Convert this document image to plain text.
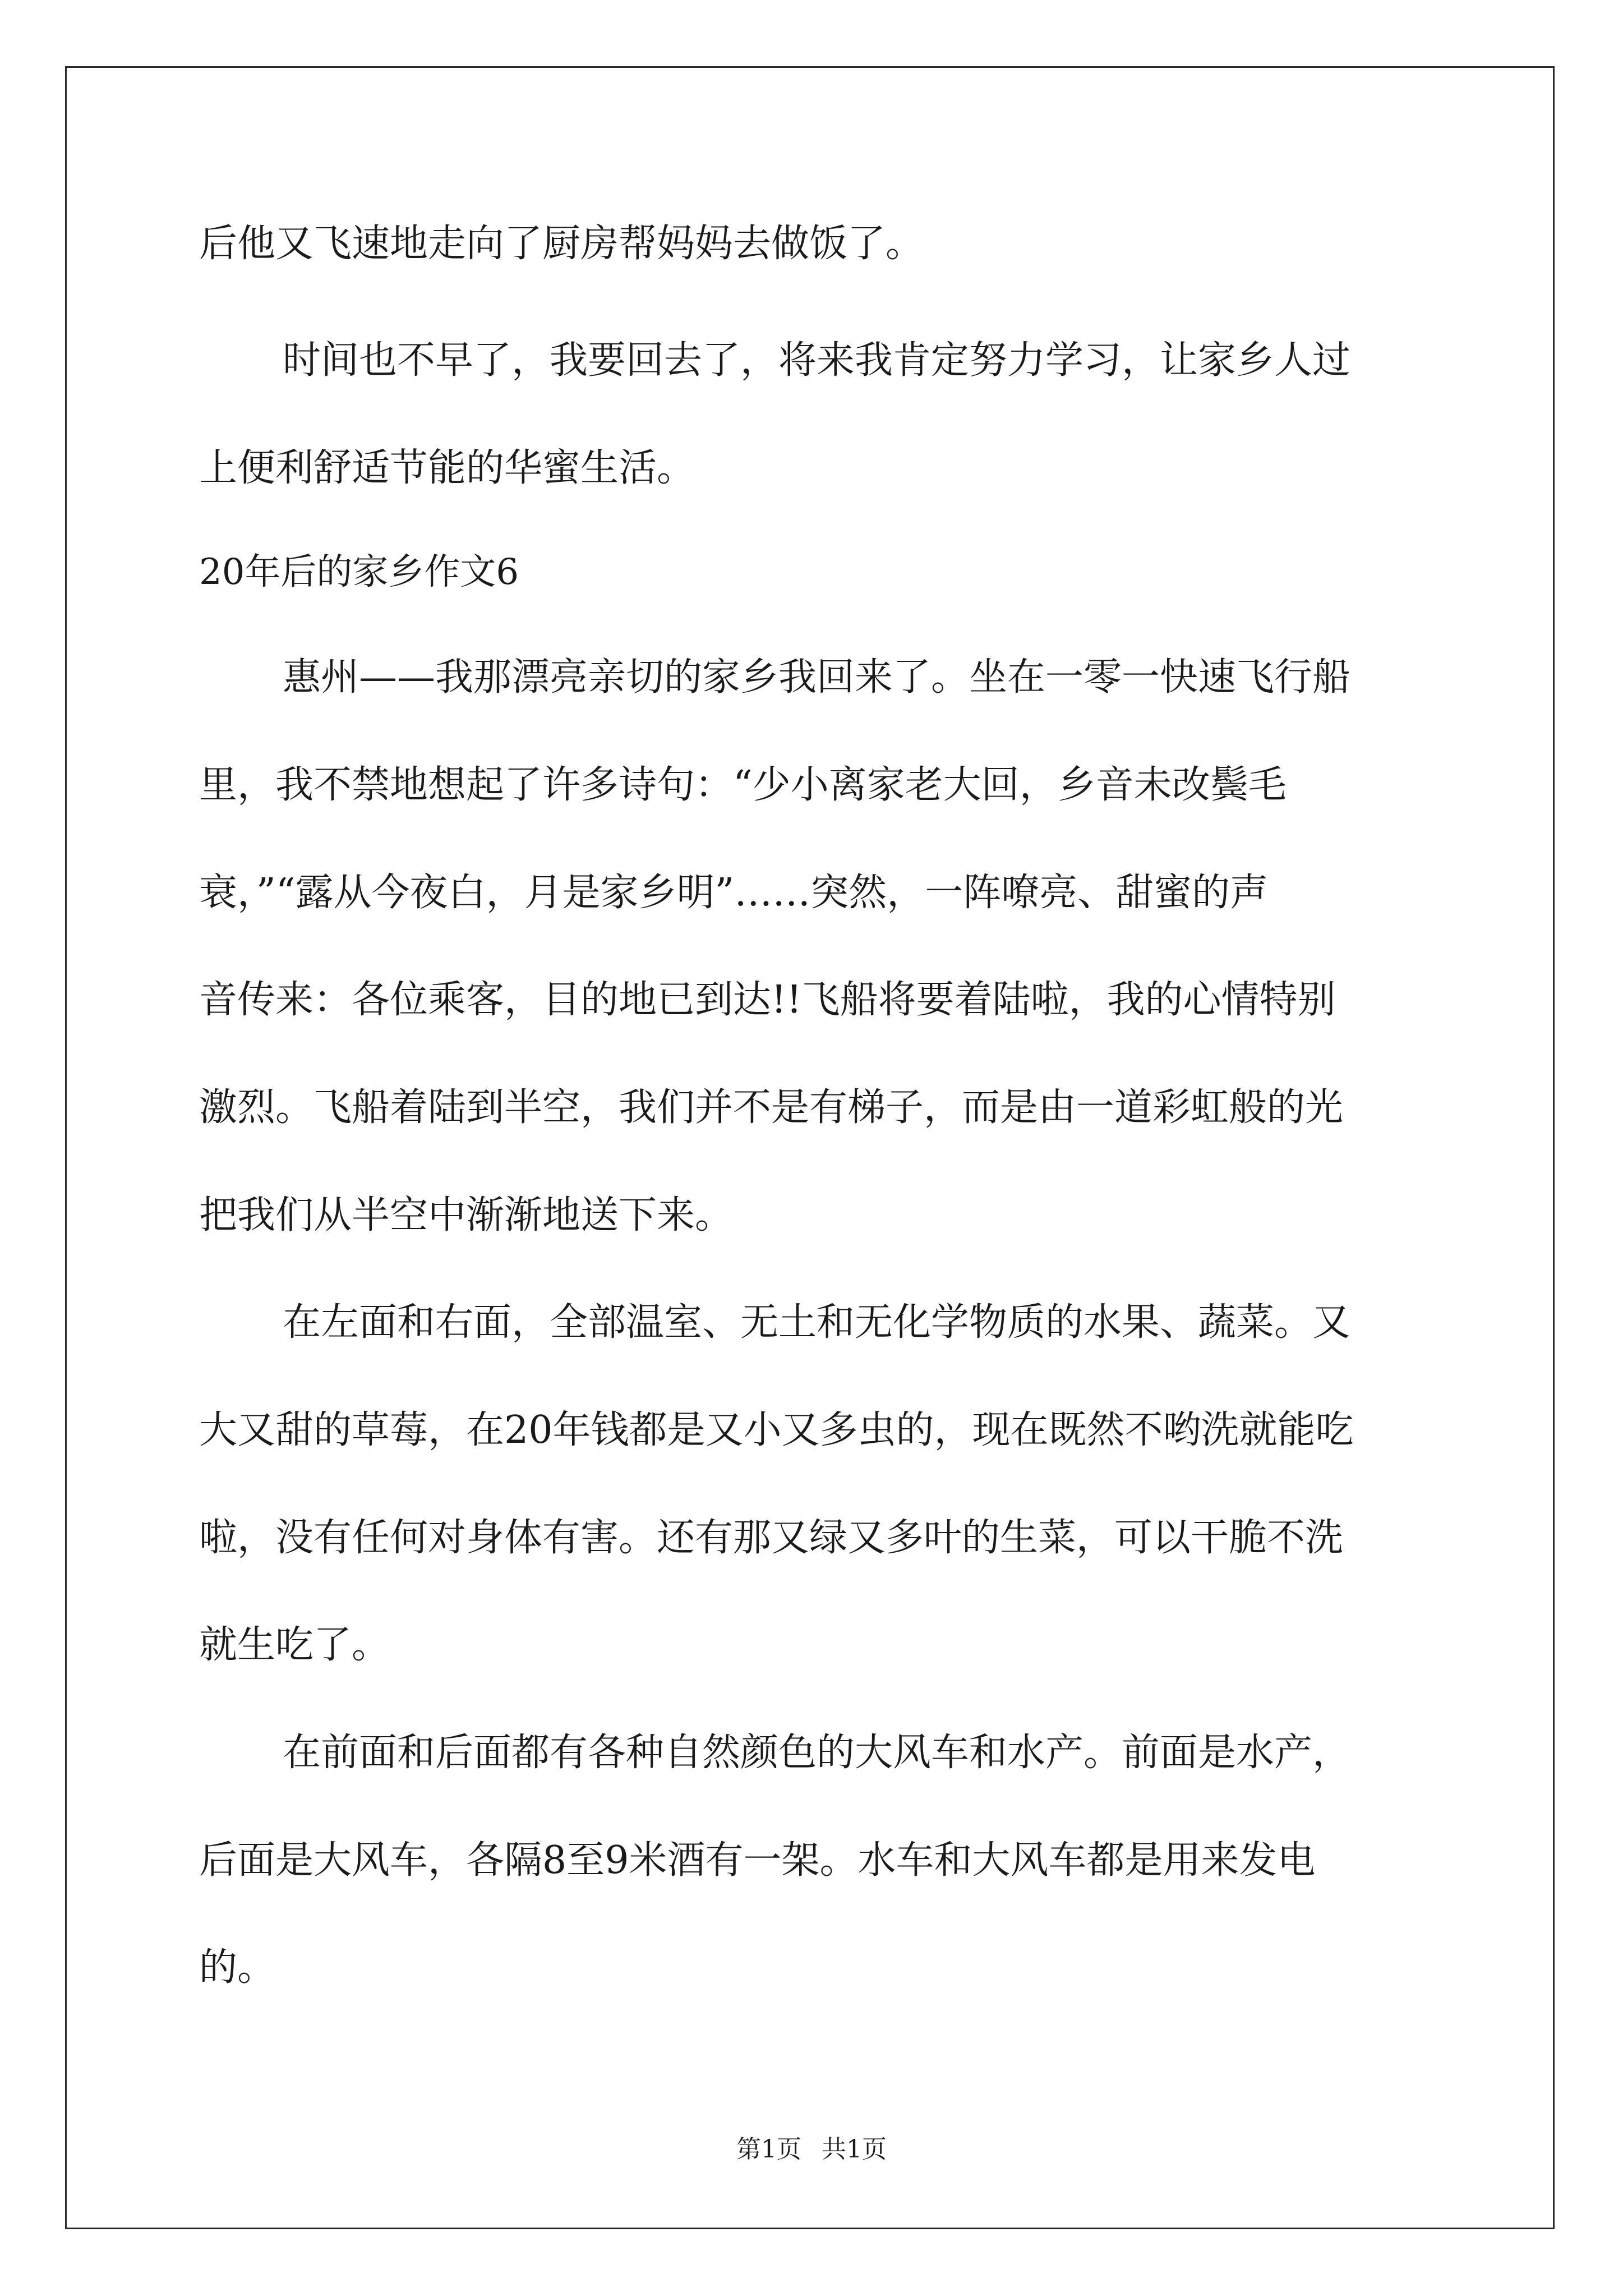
后他又飞速地走向了厨房帮妈妈去做饭了。
时间也不早了，我要回去了，将来我肯定努力学习，让家乡人过
上便利舒适节能的华蜜生活。
20年后的家乡作文6
惠州——我那漂亮亲切的家乡我回来了。坐在一零一快速飞行船
里，我不禁地想起了许多诗句：“少小离家老大回，乡音未改鬓毛
衰，”“露从今夜白，月是家乡明”……突然，一阵嘹亮、甜蜜的声
音传来：各位乘客，目的地已到达!!飞船将要着陆啦，我的心情特别
激烈。飞船着陆到半空，我们并不是有梯子，而是由一道彩虹般的光
把我们从半空中渐渐地送下来。
在左面和右面，全部温室、无土和无化学物质的水果、蔬菜。又
大又甜的草莓，在20年钱都是又小又多虫的，现在既然不哟洗就能吃
啦，没有任何对身体有害。还有那又绿又多叶的生菜，可以干脆不洗
就生吃了。
在前面和后面都有各种自然颜色的大风车和水产。前面是水产，
后面是大风车，各隔8至9米酒有一架。水车和大风车都是用来发电
的。
第1页 共1页
